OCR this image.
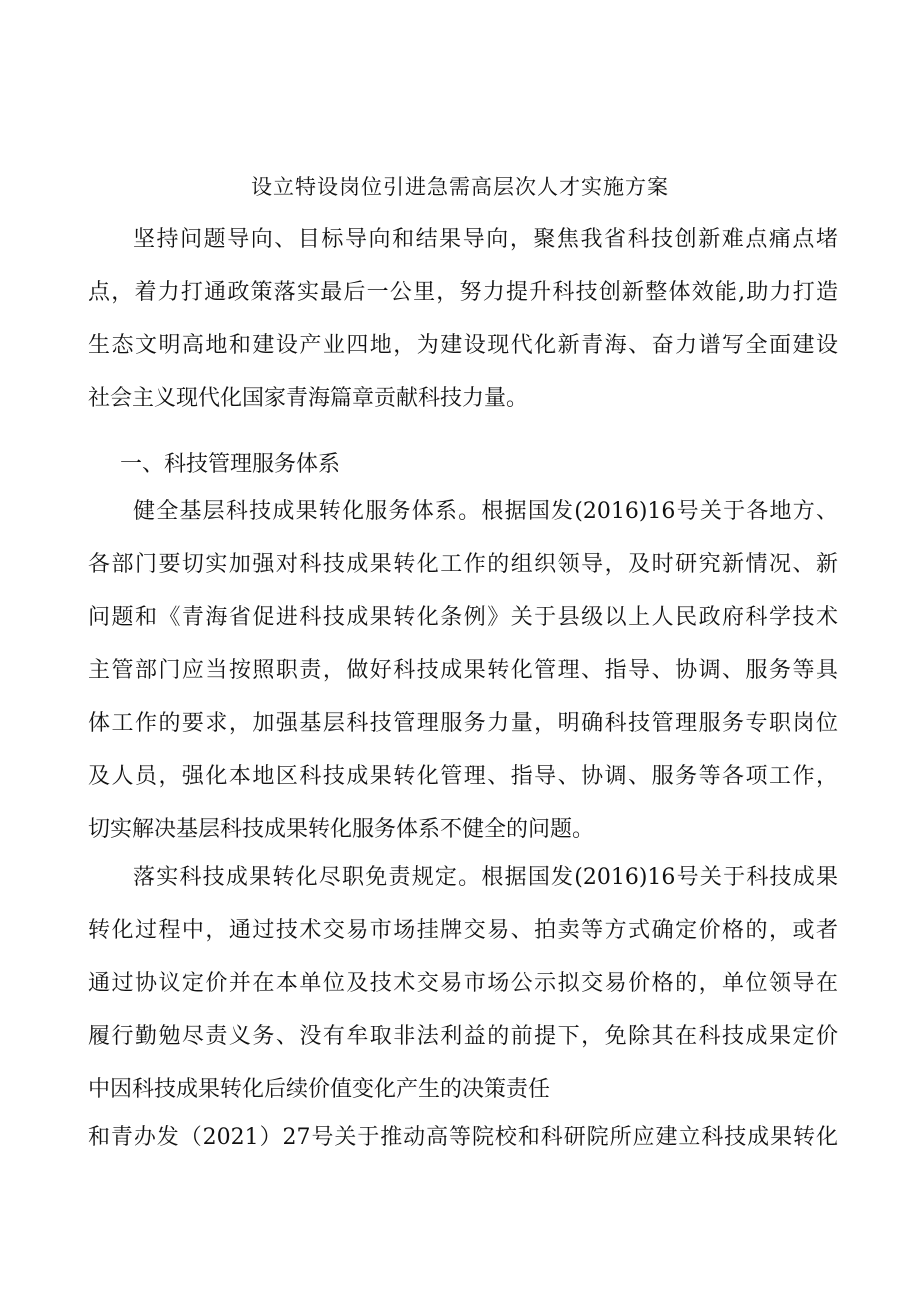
设立特设岗位引进急需高层次人才实施方案
坚持问题导向、目标导向和结果导向，聚焦我省科技创新难点痛点堵
点，着力打通政策落实最后一公里，努力提升科技创新整体效能,助力打造
生态文明高地和建设产业四地，为建设现代化新青海、奋力谱写全面建设
社会主义现代化国家青海篇章贡献科技力量。
一、科技管理服务体系
健全基层科技成果转化服务体系。根据国发(2016)16号关于各地方、
各部门要切实加强对科技成果转化工作的组织领导，及时研究新情况、新
问题和《青海省促进科技成果转化条例》关于县级以上人民政府科学技术
主管部门应当按照职责，做好科技成果转化管理、指导、协调、服务等具
体工作的要求，加强基层科技管理服务力量，明确科技管理服务专职岗位
及人员，强化本地区科技成果转化管理、指导、协调、服务等各项工作，
切实解决基层科技成果转化服务体系不健全的问题。
落实科技成果转化尽职免责规定。根据国发(2016)16号关于科技成果
转化过程中，通过技术交易市场挂牌交易、拍卖等方式确定价格的，或者
通过协议定价并在本单位及技术交易市场公示拟交易价格的，单位领导在
履行勤勉尽责义务、没有牟取非法利益的前提下，免除其在科技成果定价
中因科技成果转化后续价值变化产生的决策责任
和青办发（2021）27号关于推动高等院校和科研院所应建立科技成果转化
